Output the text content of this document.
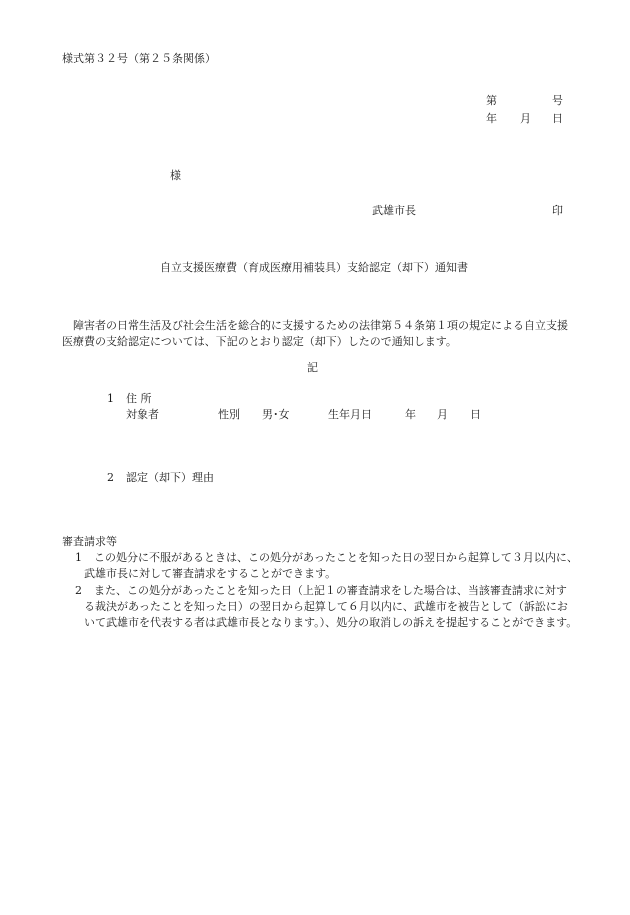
様式第３２号（第２５条関係）
第	号
年 月 日
様
武雄市長	印
自立支援医療費（育成医療用補装具）支給認定（却下）通知書
障害者の日常生活及び社会生活を総合的に支援するための法律第５４条第１項の規定による自立支援
医療費の支給認定については、下記のとおり認定（却下）したので通知します。
記
1 住 所
対象者	性別 男･女	生年月日	年 月 日
2 認定（却下）理由
審査請求等
1 この処分に不服があるときは、この処分があったことを知った日の翌日から起算して３月以内に、
武雄市長に対して審査請求をすることができます。
2 また、この処分があったことを知った日（上記１の審査請求をした場合は、当該審査請求に対す
る裁決があったことを知った日）の翌日から起算して６月以内に、武雄市を被告として（訴訟にお
いて武雄市を代表する者は武雄市長となります。）、処分の取消しの訴えを提起することができます。
